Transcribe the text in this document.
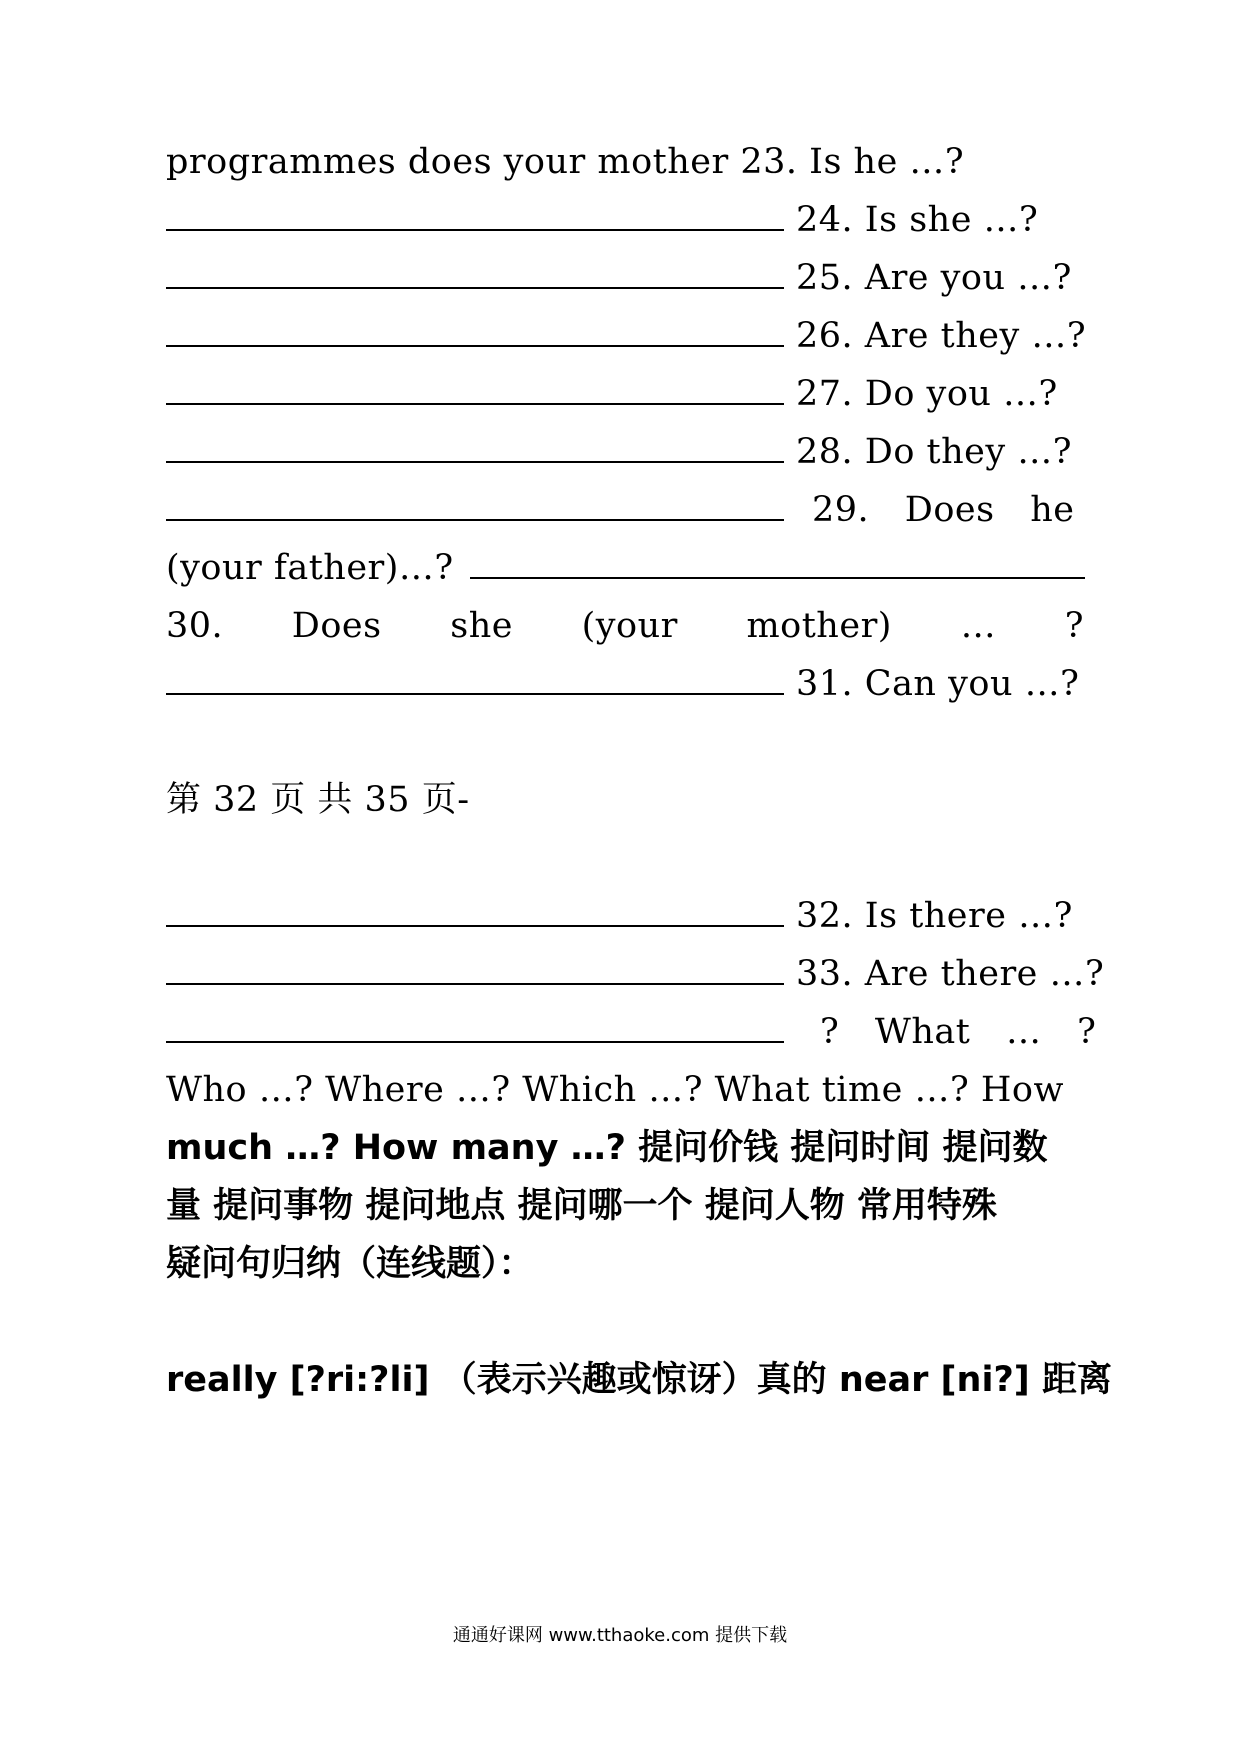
programmes does your mother 23. Is he …?
24. Is she …?
25. Are you …?
26. Are they …?
27. Do you …?
28. Do they …?
29. Does he
(your father)…?
30. Does she (your mother) … ?
31. Can you …?
第 32 页 共 35 页-
32. Is there …?
33. Are there …?
? What … ?
Who …? Where …? Which …? What time …? How
much …? How many …? 提问价钱 提问时间 提问数
量 提问事物 提问地点 提问哪一个 提问人物 常用特殊
疑问句归纳（连线题）：
really [?ri:?li] （表示兴趣或惊讶）真的 near [ni?] 距离
通通好课网 www.tthaoke.com 提供下载
